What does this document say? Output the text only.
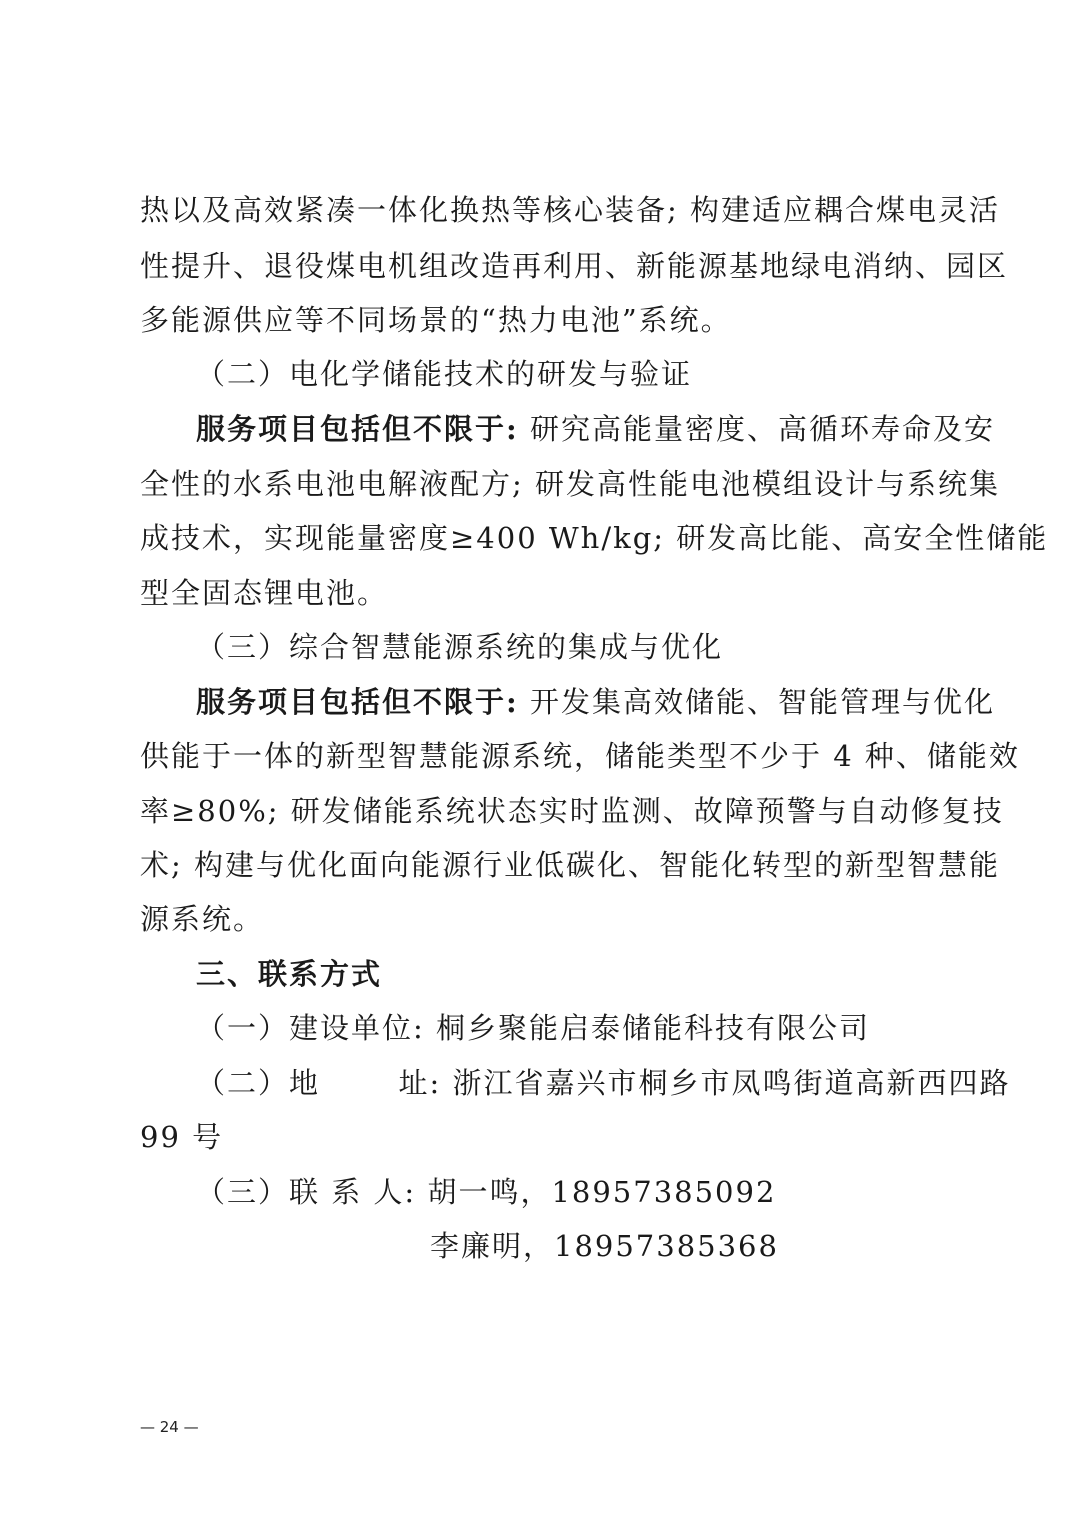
热以及高效紧凑一体化换热等核心装备; 构建适应耦合煤电灵活
性提升、退役煤电机组改造再利用、新能源基地绿电消纳、园区
多能源供应等不同场景的“热力电池”系统。
（二）电化学储能技术的研发与验证
服务项目包括但不限于: 研究高能量密度、高循环寿命及安
全性的水系电池电解液配方; 研发高性能电池模组设计与系统集
成技术，实现能量密度≥400 Wh/kg; 研发高比能、高安全性储能
型全固态锂电池。
（三）综合智慧能源系统的集成与优化
服务项目包括但不限于: 开发集高效储能、智能管理与优化
供能于一体的新型智慧能源系统，储能类型不少于 4 种、储能效
率≥80%; 研发储能系统状态实时监测、故障预警与自动修复技
术; 构建与优化面向能源行业低碳化、智能化转型的新型智慧能
源系统。
三、联系方式
（一）建设单位: 桐乡聚能启泰储能科技有限公司
（二）地	址: 浙江省嘉兴市桐乡市凤鸣街道高新西四路
99 号
（三）联 系 人: 胡一鸣，18957385092
李廉明，18957385368
— 24 —
